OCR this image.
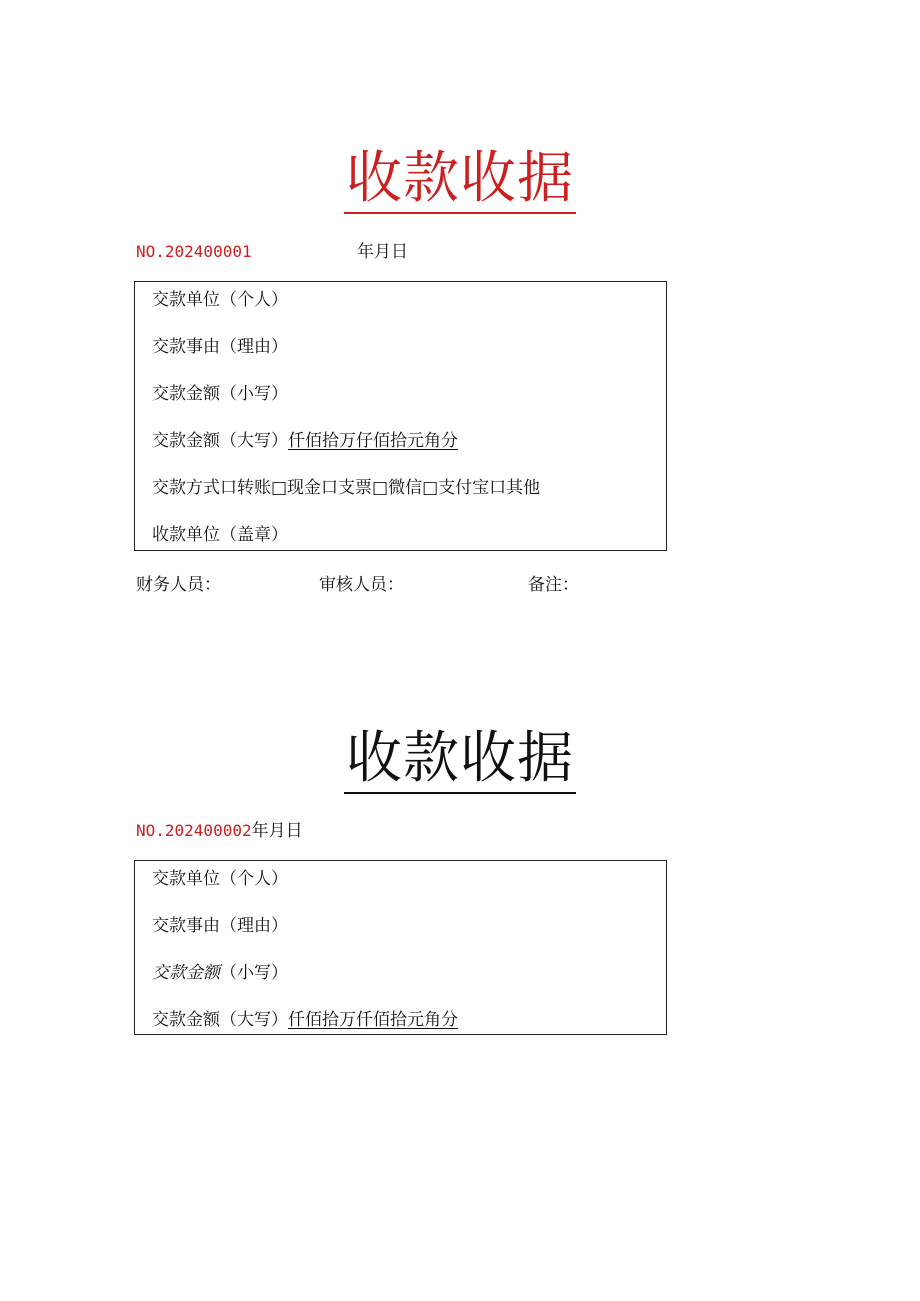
收款收据
NO.202400001	年月日
交款单位（个人）
交款事由（理由）
交款金额（小写）
交款金额（大写）仟佰拾万仔佰拾元角分
交款方式口转账□现金口支票□微信□支付宝口其他
收款单位（盖章）
财务人员：	审核人员：	备注：
收款收据
NO.202400002年月日
交款单位（个人）
交款事由（理由）
交款金额（小写）
交款金额（大写）仟佰拾万仟佰拾元角分
